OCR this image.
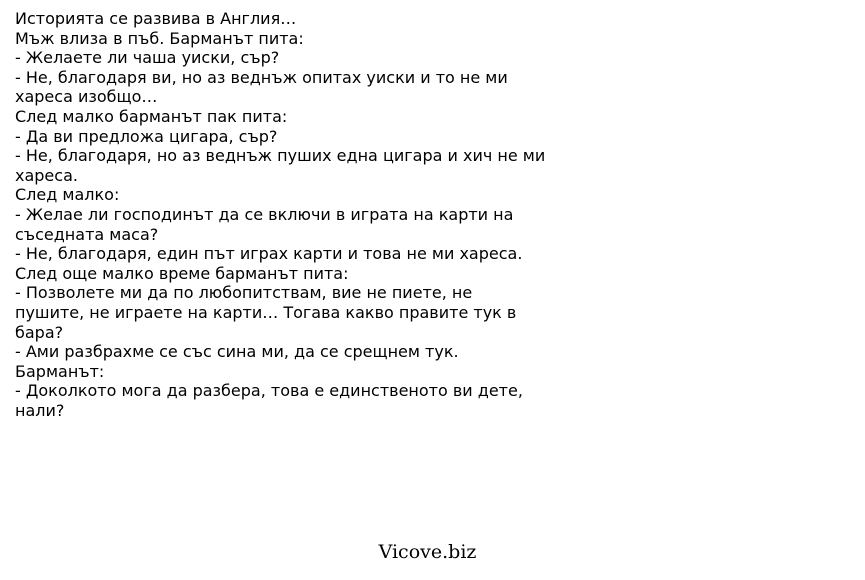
Историята се развива в Англия…
Мъж влиза в пъб. Барманът пита:
- Желаете ли чаша уиски, сър?
- Не, благодаря ви, но аз веднъж опитах уиски и то не ми
хареса изобщо…
След малко барманът пак пита:
- Да ви предложа цигара, сър?
- Не, благодаря, но аз веднъж пуших една цигара и хич не ми
хареса.
След малко:
- Желае ли господинът да се включи в играта на карти на
съседната маса?
- Не, благодаря, един път играх карти и това не ми хареса.
След още малко време барманът пита:
- Позволете ми да по любопитствам, вие не пиете, не
пушите, не играете на карти… Тогава какво правите тук в
бара?
- Ами разбрахме се със сина ми, да се срещнем тук.
Барманът:
- Доколкото мога да разбера, това е единственото ви дете,
нали?
Vicove.biz
